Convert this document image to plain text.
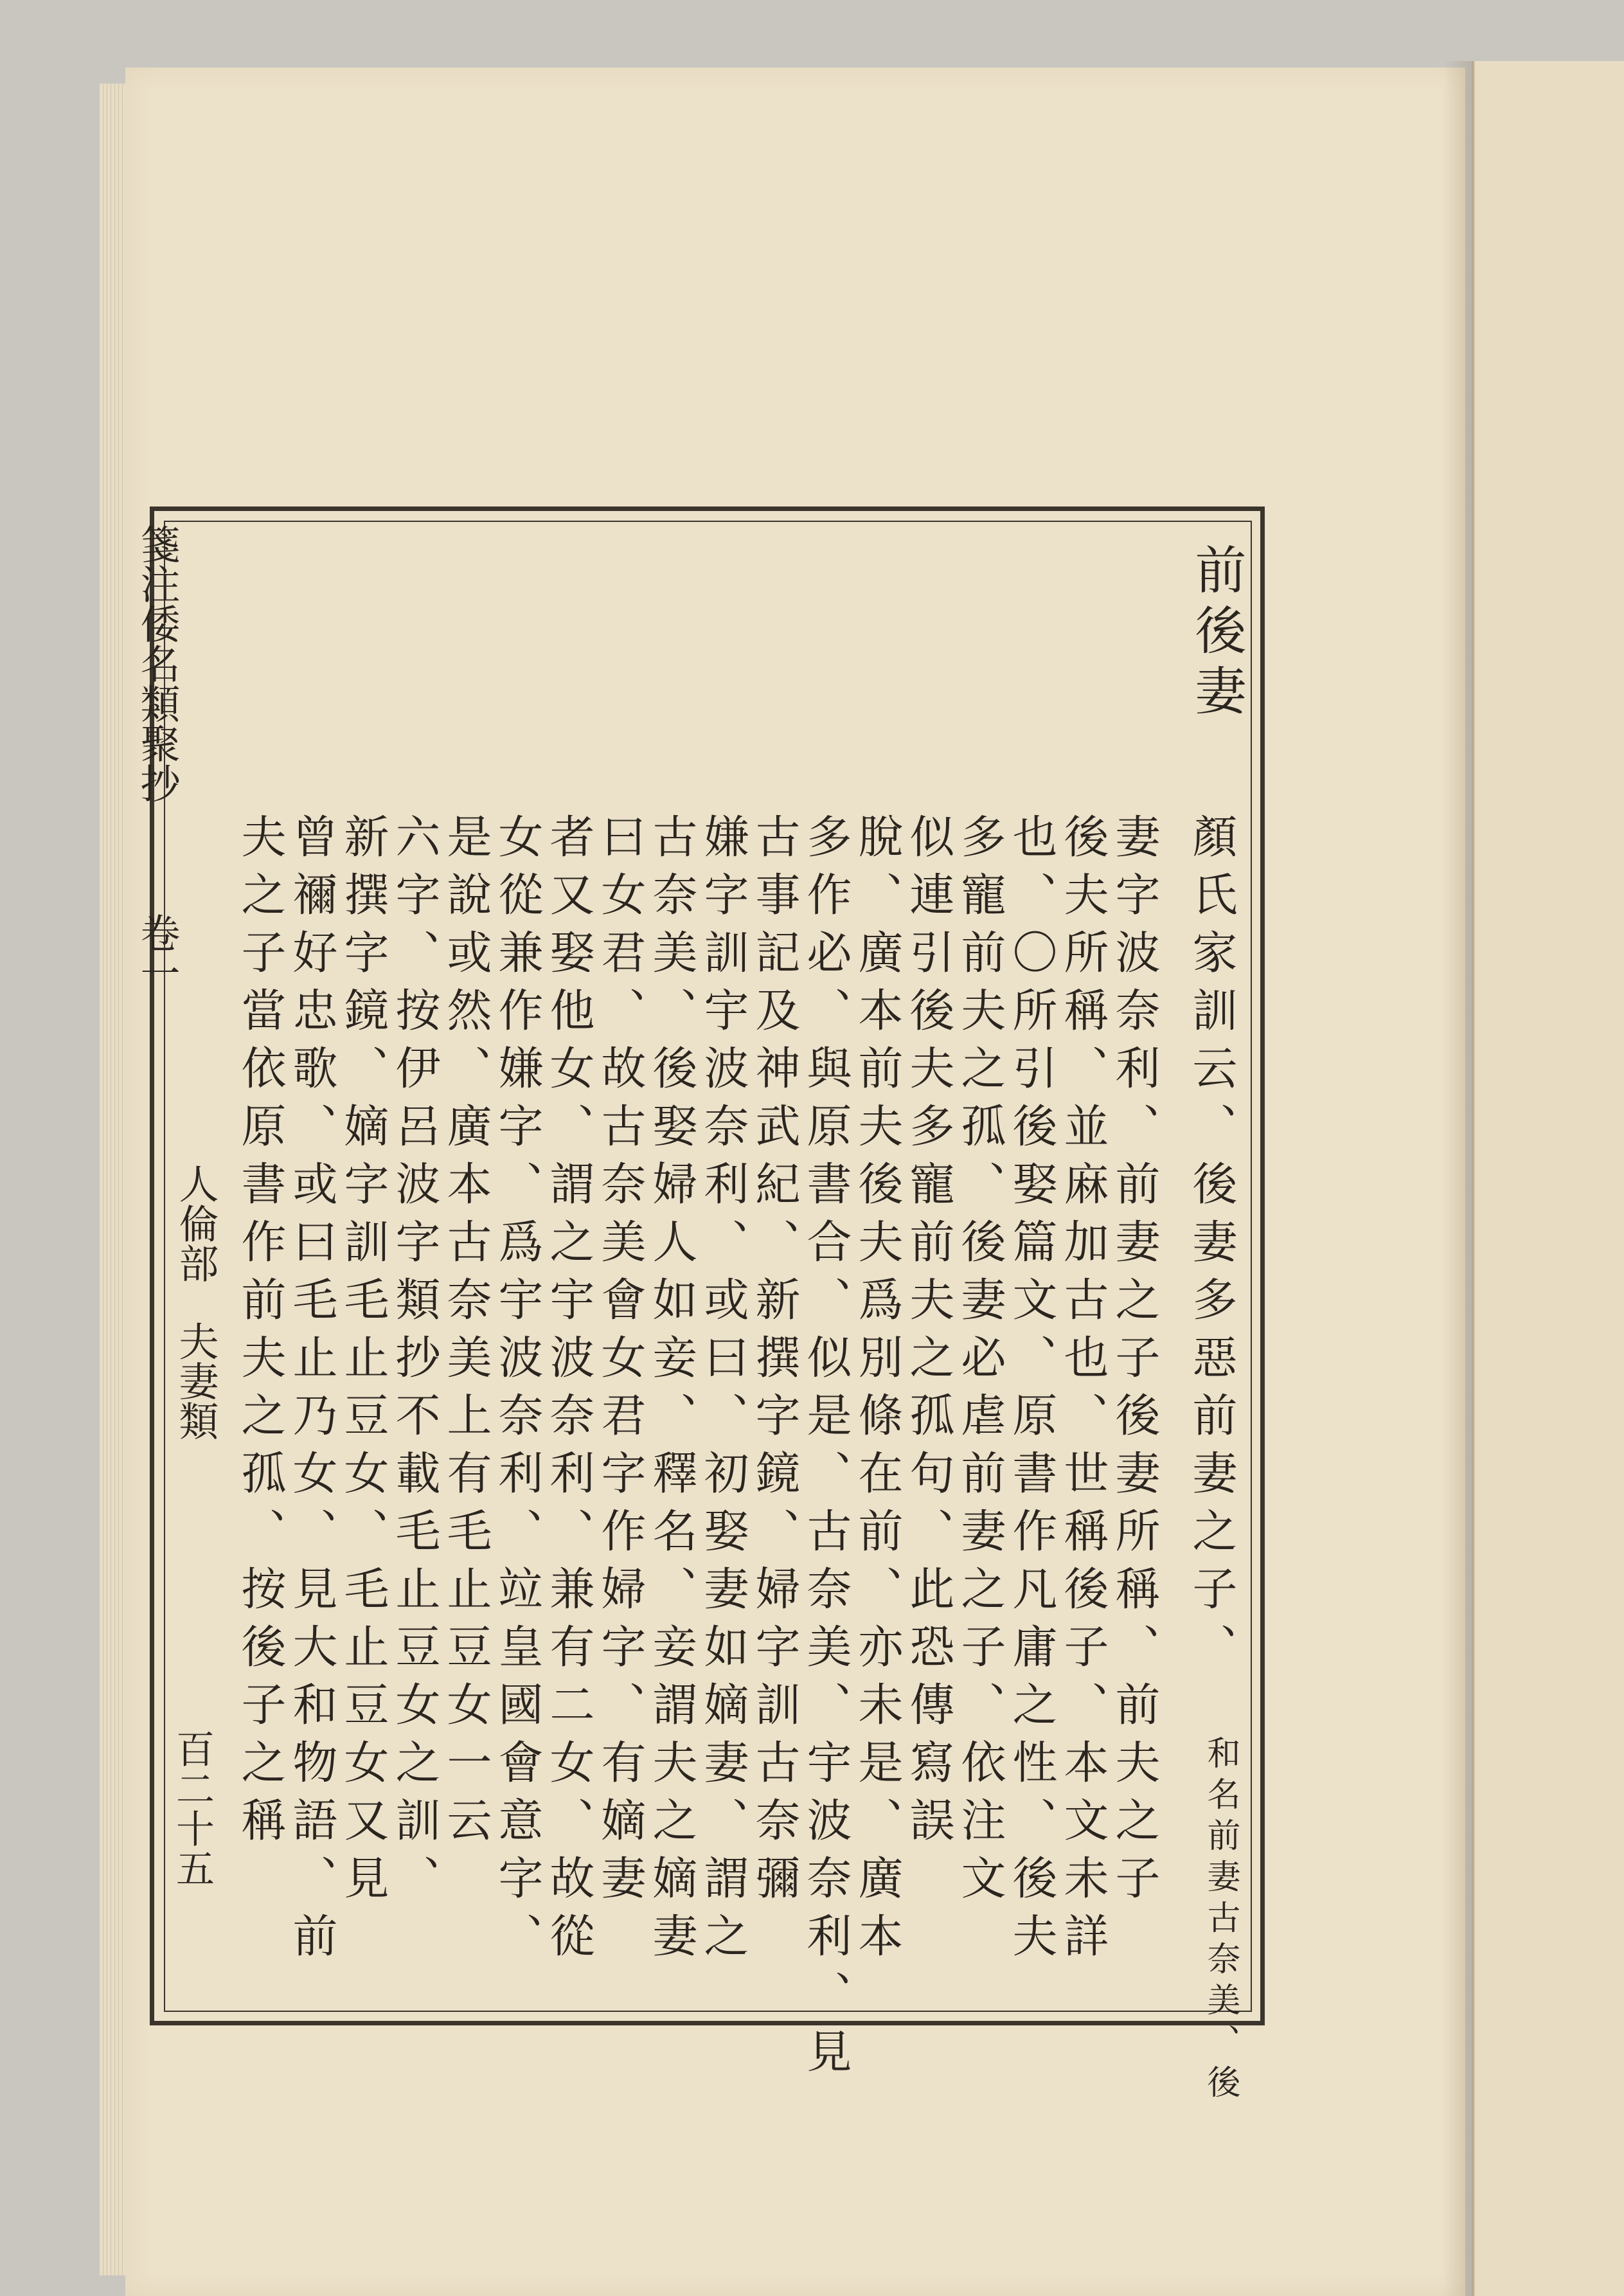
箋注倭名類聚抄
卷一
人倫部
夫妻類
百二十五
前後妻
顏氏家訓云、後妻多惡前妻之子、
和名前妻古奈美、後
妻字波奈利、前妻之子後妻所稱、前夫之子
後夫所稱、並麻加古也、世稱後子、本文未詳
也、〇所引後娶篇文、原書作凡庸之性、後夫
多寵前夫之孤、後妻必虐前妻之子、依注文
似連引後夫多寵前夫之孤句、此恐傳寫誤
脫、廣本前夫後夫爲別條在前、亦未是、廣本
多作必、與原書合、似是、古奈美、宇波奈利、見
古事記及神武紀、新撰字鏡、婦字訓古奈彌
嫌字訓宇波奈利、或曰、初娶妻如嫡妻、謂之
古奈美、後娶婦人如妾、釋名、妾謂夫之嫡妻
曰女君、故古奈美會女君字作婦字、有嫡妻
者又娶他女、謂之宇波奈利、兼有二女、故從
女從兼作嫌字、爲宇波奈利、竝皇國會意字、
是說或然、廣本古奈美上有毛止豆女一云
六字、按伊呂波字類抄不載毛止豆女之訓、
新撰字鏡、嫡字訓毛止豆女、毛止豆女又見
曾禰好忠歌、或曰毛止乃女、見大和物語、前
夫之子當依原書作前夫之孤、按後子之稱
